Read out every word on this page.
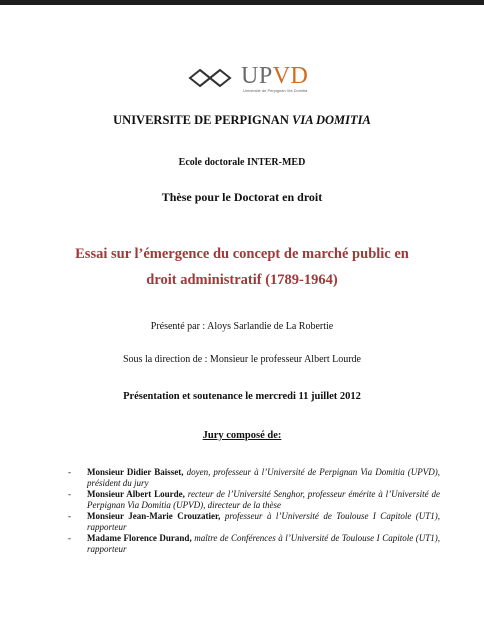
UPVD
Université de Perpignan Via Domitia
UNIVERSITE DE PERPIGNAN VIA DOMITIA
Ecole doctorale INTER-MED
Thèse pour le Doctorat en droit
Essai sur l’émergence du concept de marché public en
droit administratif (1789-1964)
Présenté par : Aloys Sarlandie de La Robertie
Sous la direction de : Monsieur le professeur Albert Lourde
Présentation et soutenance le mercredi 11 juillet 2012
Jury composé de:
- Monsieur Didier Baisset, doyen, professeur à l’Université de Perpignan Via Domitia (UPVD), président du jury
- Monsieur Albert Lourde, recteur de l’Université Senghor, professeur émérite à l’Université de Perpignan Via Domitia (UPVD), directeur de la thèse
- Monsieur Jean-Marie Crouzatier, professeur à l’Université de Toulouse I Capitole (UT1), rapporteur
- Madame Florence Durand, maître de Conférences à l’Université de Toulouse I Capitole (UT1), rapporteur
